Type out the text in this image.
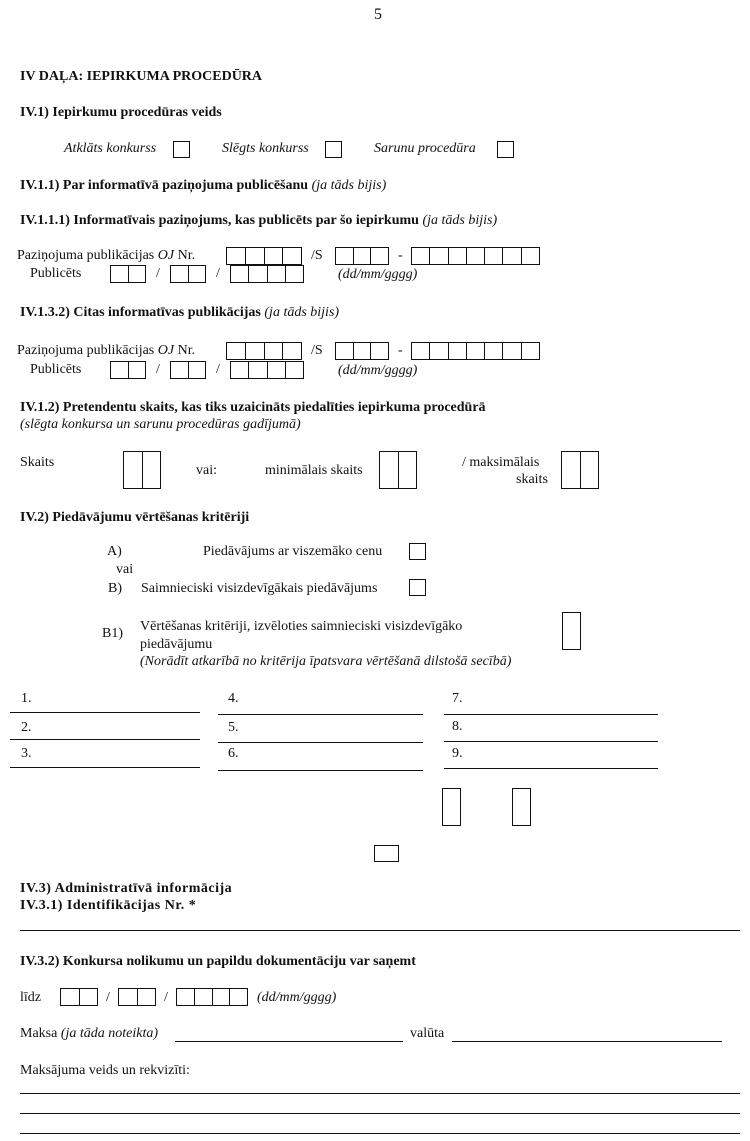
5
IV DAĻA: IEPIRKUMA PROCEDŪRA
IV.1) Iepirkumu procedūras veids
Atklāts konkurss	Slēgts konkurss	Sarunu procedūra
IV.1.1) Par informatīvā paziņojuma publicēšanu (ja tāds bijis)
IV.1.1.1) Informatīvais paziņojums, kas publicēts par šo iepirkumu (ja tāds bijis)
Paziņojuma publikācijas OJ Nr.	/S	-
Publicēts	/	/	(dd/mm/gggg)
IV.1.3.2) Citas informatīvas publikācijas (ja tāds bijis)
Paziņojuma publikācijas OJ Nr.	/S	-
Publicēts	/	/	(dd/mm/gggg)
IV.1.2) Pretendentu skaits, kas tiks uzaicināts piedalīties iepirkuma procedūrā
(slēgta konkursa un sarunu procedūras gadījumā)
Skaits
vai:	minimālais skaits
/ maksimālais
skaits
IV.2) Piedāvājumu vērtēšanas kritēriji
A)	Piedāvājums ar viszemāko cenu
vai
B) Saimnieciski visizdevīgākais piedāvājums
B1) Vērtēšanas kritēriji, izvēloties saimnieciski visizdevīgāko
piedāvājumu
(Norādīt atkarībā no kritērija īpatsvara vērtēšanā dilstošā secībā)
1.	4.	7.
2.	5.	8.
3.	6.	9.
IV.3) Administratīvā informācija
IV.3.1) Identifikācijas Nr. *
IV.3.2) Konkursa nolikumu un papildu dokumentāciju var saņemt
līdz	/	/	(dd/mm/gggg)
Maksa (ja tāda noteikta)	valūta
Maksājuma veids un rekvizīti:
